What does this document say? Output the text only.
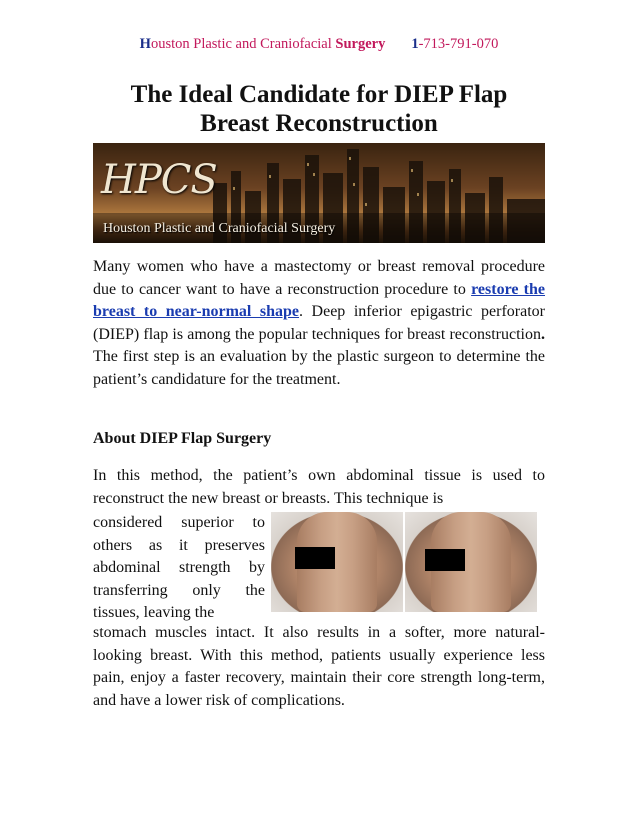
Houston Plastic and Craniofacial Surgery 1-713-791-070
The Ideal Candidate for DIEP Flap
Breast Reconstruction
HPCS
Houston Plastic and Craniofacial Surgery
Many women who have a mastectomy or breast removal procedure due to cancer want to have a reconstruction procedure to restore the breast to near-normal shape. Deep inferior epigastric perforator (DIEP) flap is among the popular techniques for breast reconstruction. The first step is an evaluation by the plastic surgeon to determine the patient’s candidature for the treatment.
About DIEP Flap Surgery
In this method, the patient’s own abdominal tissue is used to reconstruct the new breast or breasts. This technique is
considered superior to others as it preserves abdominal strength by transferring only the tissues, leaving the
stomach muscles intact. It also results in a softer, more natural-looking breast. With this method, patients usually experience less pain, enjoy a faster recovery, maintain their core strength long-term, and have a lower risk of complications.
